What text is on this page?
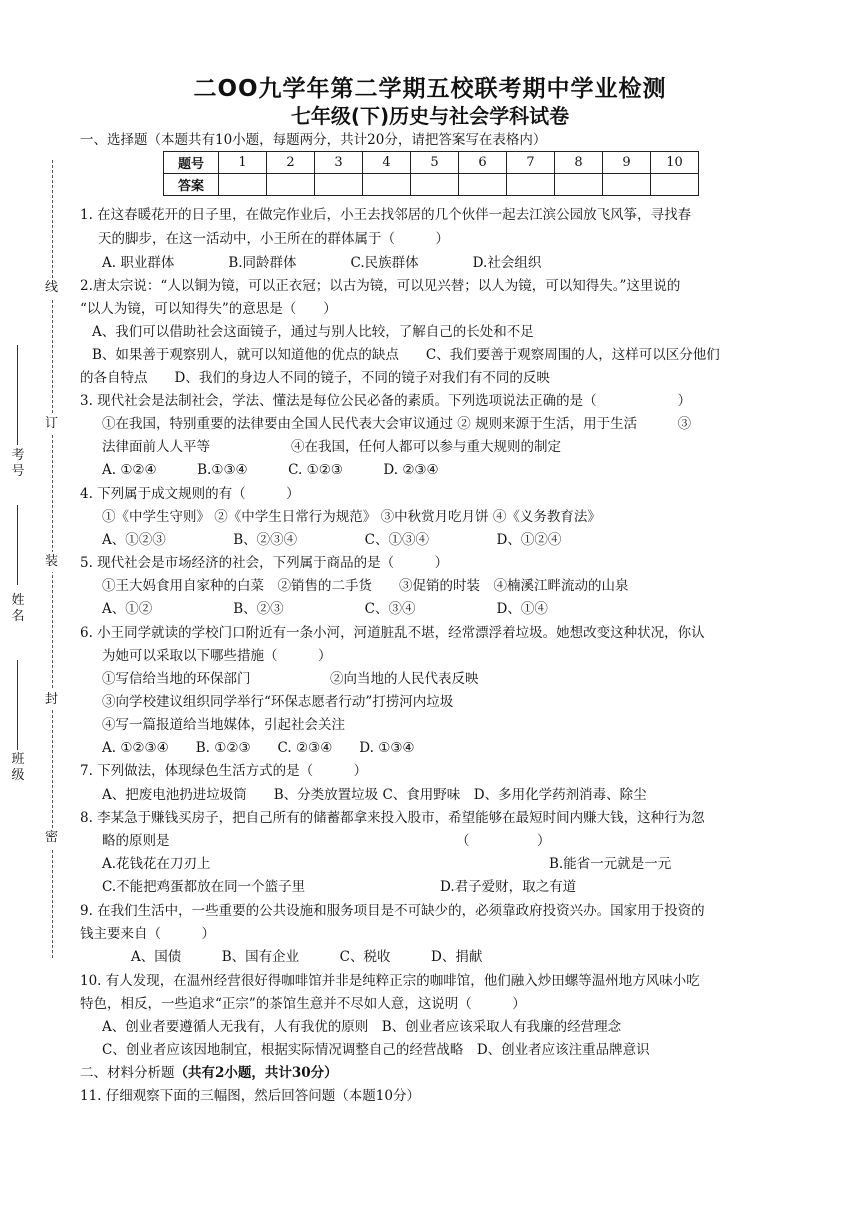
二OO九学年第二学期五校联考期中学业检测
七年级(下)历史与社会学科试卷
一、选择题（本题共有10小题，每题两分，共计20分，请把答案写在表格内）
题号	1	2	3	4	5	6	7	8	9	10
答案										
线
订
装
封
密
考号
姓名
班级
1. 在这春暖花开的日子里，在做完作业后，小王去找邻居的几个伙伴一起去江滨公园放飞风筝，寻找春
天的脚步，在这一活动中，小王所在的群体属于（　　　）
A. 职业群体　　　　B.同龄群体　　　　C.民族群体　　　　D.社会组织
2.唐太宗说：“人以铜为镜，可以正衣冠；以古为镜，可以见兴替；以人为镜，可以知得失。”这里说的
“以人为镜，可以知得失”的意思是（　　）
A、我们可以借助社会这面镜子，通过与别人比较，了解自己的长处和不足
B、如果善于观察别人，就可以知道他的优点的缺点　　C、我们要善于观察周围的人，这样可以区分他们
的各自特点　　D、我们的身边人不同的镜子，不同的镜子对我们有不同的反映
3. 现代社会是法制社会，学法、懂法是每位公民必备的素质。下列选项说法正确的是（　　　　　　）
①在我国，特别重要的法律要由全国人民代表大会审议通过 ② 规则来源于生活，用于生活　　　③
法律面前人人平等　　　　　　④在我国，任何人都可以参与重大规则的制定
A. ①②④　　　B.①③④　　　C. ①②③　　　D. ②③④
4. 下列属于成文规则的有（　　　）
①《中学生守则》 ②《中学生日常行为规范》 ③中秋赏月吃月饼 ④《义务教育法》
A、①②③　　　　　B、②③④　　　　　C、①③④　　　　　D、①②④
5. 现代社会是市场经济的社会，下列属于商品的是（　　　）
①王大妈食用自家种的白菜　②销售的二手货　　③促销的时装　④楠溪江畔流动的山泉
A、①②　　　　　　B、②③　　　　　　C、③④　　　　　　D、①④
6. 小王同学就读的学校门口附近有一条小河，河道脏乱不堪，经常漂浮着垃圾。她想改变这种状况，你认
为她可以采取以下哪些措施（　　　）
①写信给当地的环保部门	②向当地的人民代表反映
③向学校建议组织同学举行“环保志愿者行动”打捞河内垃圾
④写一篇报道给当地媒体，引起社会关注
A. ①②③④　　B. ①②③　　C. ②③④　　D. ①③④
7. 下列做法，体现绿色生活方式的是（　　　）
A、把废电池扔进垃圾筒　　B、分类放置垃圾 C、食用野味　D、多用化学药剂消毒、除尘
8. 李某急于赚钱买房子，把自己所有的储蓄都拿来投入股市，希望能够在最短时间内赚大钱，这种行为忽
略的原则是	（　　　　　）
A.花钱花在刀刃上	B.能省一元就是一元
C.不能把鸡蛋都放在同一个篮子里	D.君子爱财，取之有道
9. 在我们生活中，一些重要的公共设施和服务项目是不可缺少的，必须靠政府投资兴办。国家用于投资的
钱主要来自（　　　）
A、国债　　　B、国有企业　　　C、税收　　　D、捐献
10. 有人发现，在温州经营很好得咖啡馆并非是纯粹正宗的咖啡馆，他们融入炒田螺等温州地方风味小吃
特色，相反，一些追求“正宗”的茶馆生意并不尽如人意，这说明（　　　）
A、创业者要遵循人无我有，人有我优的原则　B、创业者应该采取人有我廉的经营理念
C、创业者应该因地制宜，根据实际情况调整自己的经营战略　D、创业者应该注重品牌意识
二、材料分析题（共有2小题，共计30分）
11. 仔细观察下面的三幅图，然后回答问题（本题10分）
